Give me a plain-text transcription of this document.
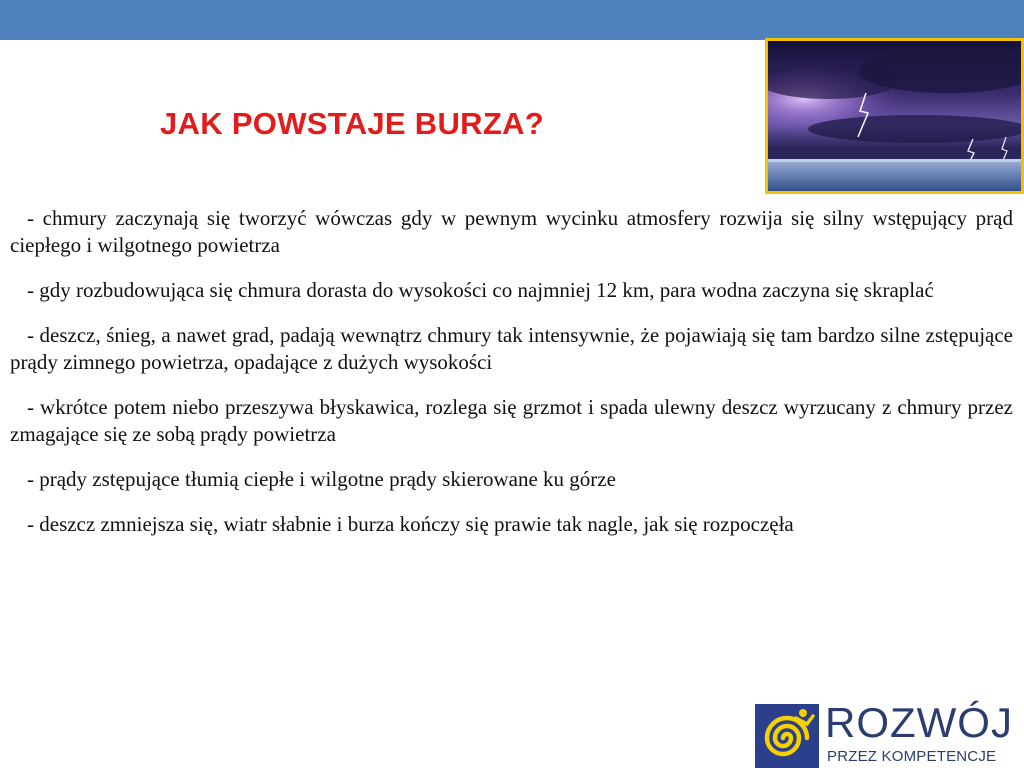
JAK POWSTAJE BURZA?

- chmury zaczynają się tworzyć wówczas gdy w pewnym wycinku atmosfery rozwija się silny wstępujący prąd ciepłego i wilgotnego powietrza

- gdy rozbudowująca się chmura dorasta do wysokości co najmniej 12 km, para wodna zaczyna się skraplać

- deszcz, śnieg, a nawet grad, padają wewnątrz chmury tak intensywnie, że pojawiają się tam bardzo silne zstępujące prądy zimnego powietrza, opadające z dużych wysokości

- wkrótce potem niebo przeszywa błyskawica, rozlega się grzmot i spada ulewny deszcz wyrzucany z chmury przez zmagające się ze sobą prądy powietrza

- prądy zstępujące tłumią ciepłe i wilgotne prądy skierowane ku górze

- deszcz zmniejsza się, wiatr słabnie i burza kończy się prawie tak nagle, jak się rozpoczęła

ROZWÓJ
PRZEZ KOMPETENCJE
